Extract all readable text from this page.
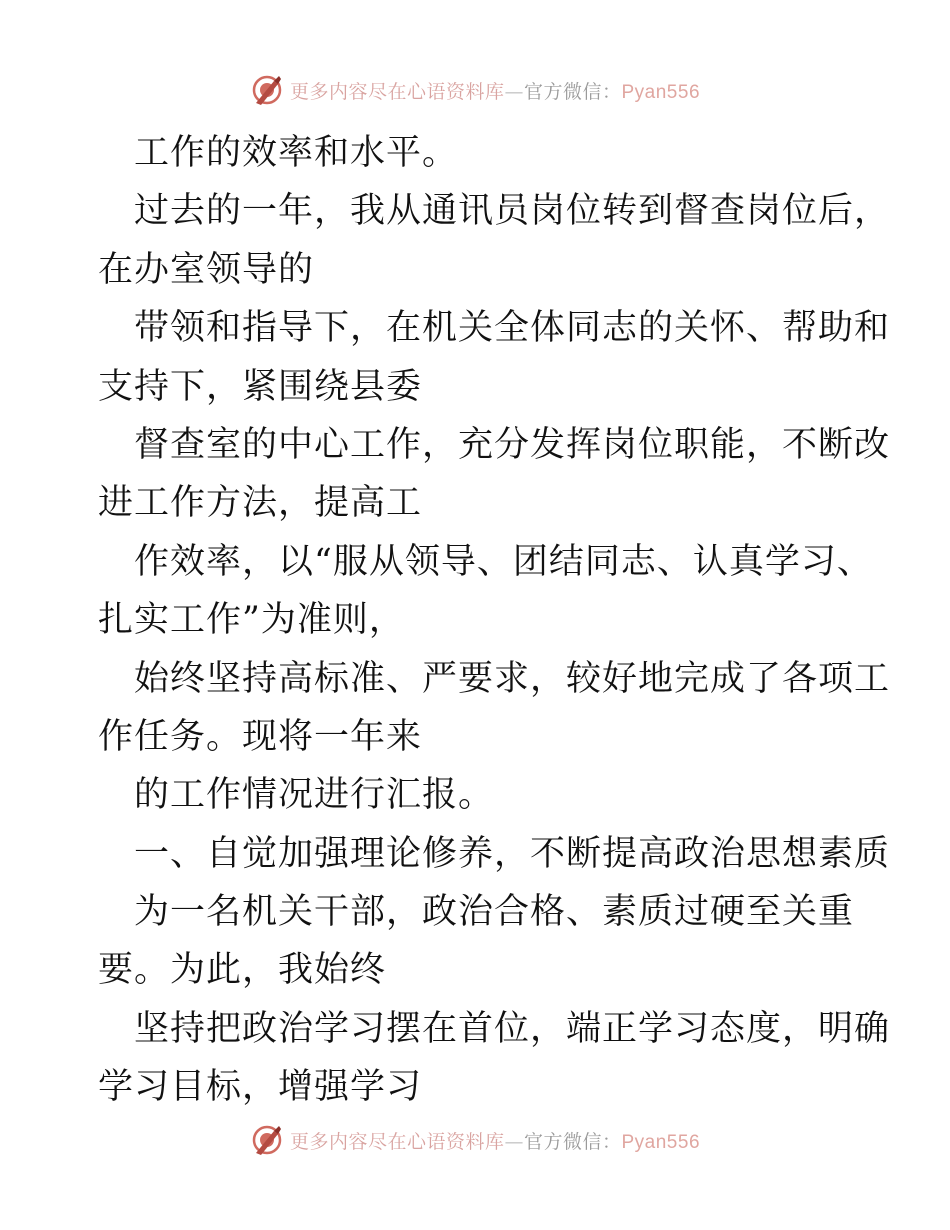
更多内容尽在心语资料库—官方微信：Pyan556
工作的效率和水平。
过去的一年，我从通讯员岗位转到督查岗位后，
在办室领导的
带领和指导下，在机关全体同志的关怀、帮助和
支持下，紧围绕县委
督查室的中心工作，充分发挥岗位职能，不断改
进工作方法，提高工
作效率，以“服从领导、团结同志、认真学习、
扎实工作”为准则，
始终坚持高标准、严要求，较好地完成了各项工
作任务。现将一年来
的工作情况进行汇报。
一、自觉加强理论修养，不断提高政治思想素质
为一名机关干部，政治合格、素质过硬至关重
要。为此，我始终
坚持把政治学习摆在首位，端正学习态度，明确
学习目标，增强学习
更多内容尽在心语资料库—官方微信：Pyan556
